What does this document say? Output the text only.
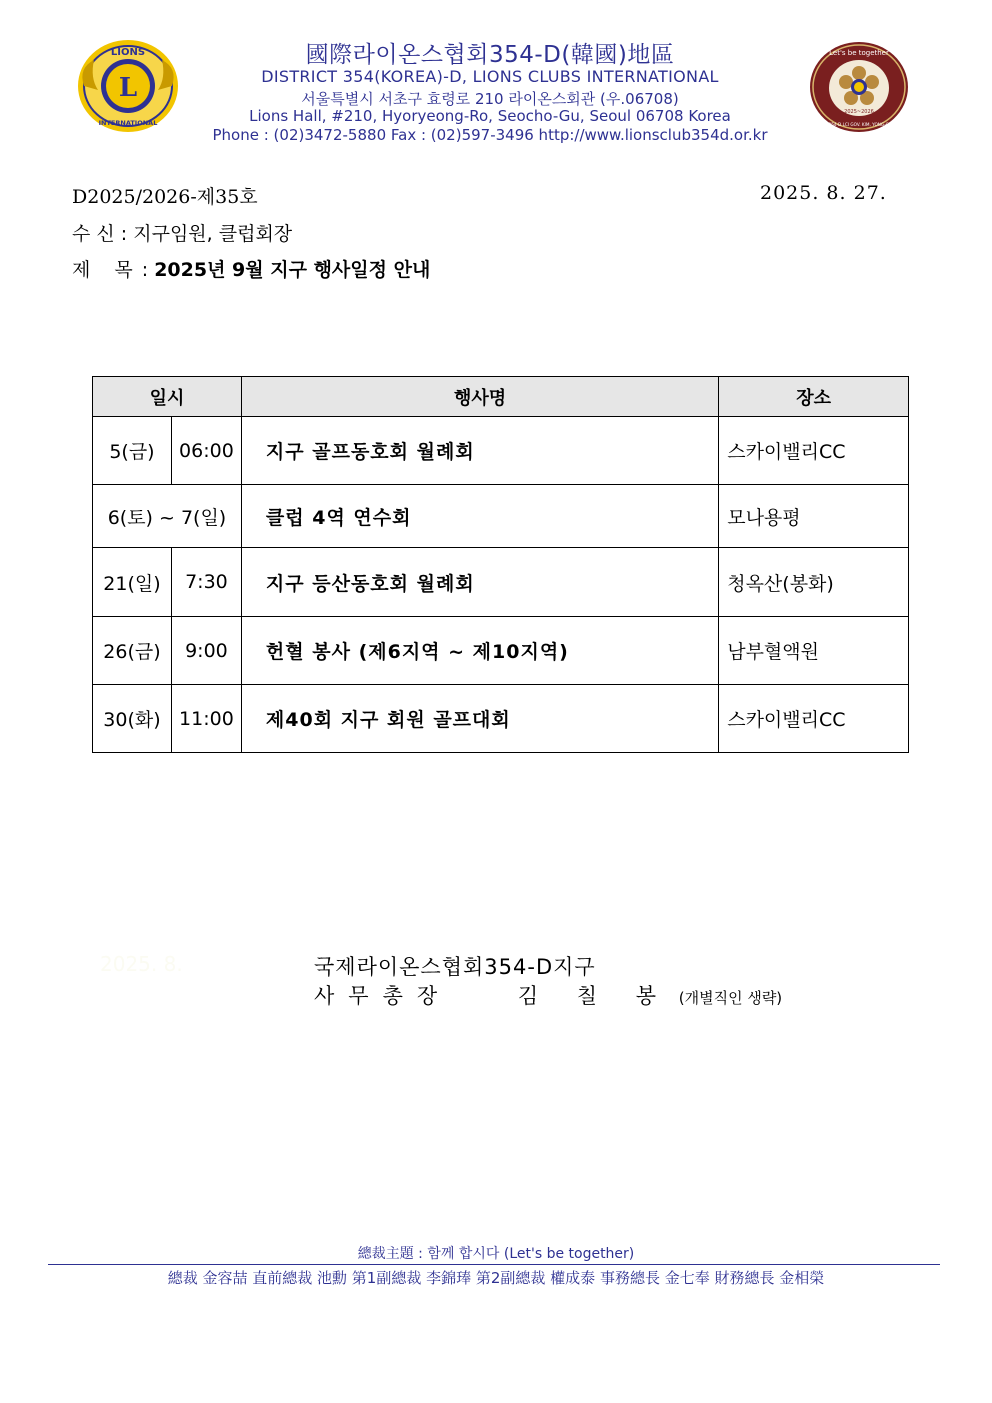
L
LIONS
INTERNATIONAL
國際라이온스협회354-D(韓國)地區
DISTRICT 354(KOREA)-D, LIONS CLUBS INTERNATIONAL
서울특별시 서초구 효령로 210 라이온스회관 (우.06708)
Lions Hall, #210, Hyoryeong-Ro, Seocho-Gu, Seoul 06708 Korea
Phone : (02)3472-5880 Fax : (02)597-3496 http://www.lionsclub354d.or.kr
Let's be together
2025~2026
DIST.354-D LCI GOV. KIM, YONG-CHEOL
D2025/2026-제35호	2025. 8. 27.
수 신 : 지구임원, 클럽회장
제 목: 2025년 9월 지구 행사일정 안내
일시		행사명	장소
5(금)	06:00	지구 골프동호회 월례회	스카이밸리CC
6(토) ~ 7(일)		클럽 4역 연수회	모나용평
21(일)	7:30	지구 등산동호회 월례회	청옥산(봉화)
26(금)	9:00	헌혈 봉사 (제6지역 ~ 제10지역)	남부혈액원
30(화)	11:00	제40회 지구 회원 골프대회	스카이밸리CC
2025. 8.	국제라이온스협회354-D지구
사무총장	김 칠 봉 (개별직인 생략)
總裁主題 : 함께 합시다 (Let's be together)
總裁 金容喆 直前總裁 池勳 第1副總裁 李錦琫 第2副總裁 權成泰 事務總長 金七奉 財務總長 金相榮
